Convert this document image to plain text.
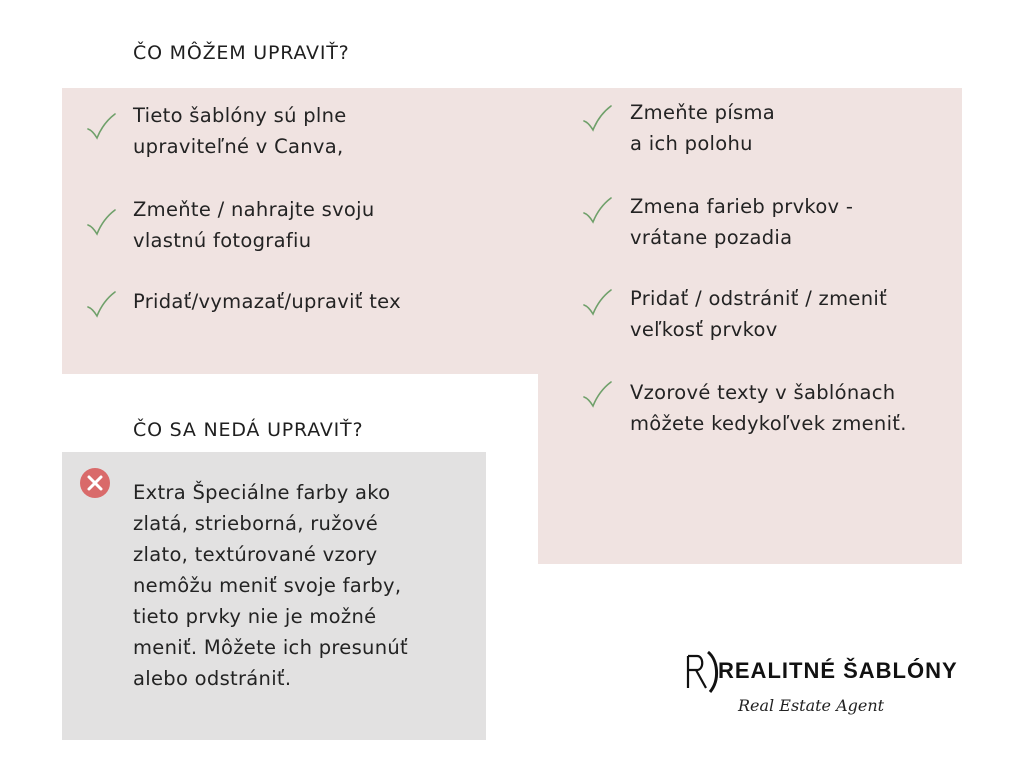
ČO MÔŽEM UPRAVIŤ?
ČO SA NEDÁ UPRAVIŤ?
Tieto šablóny sú plne
upraviteľné v Canva,
Zmeňte / nahrajte svoju
vlastnú fotografiu
Pridať/vymazať/upraviť tex
Zmeňte písma
a ich polohu
Zmena farieb prvkov -
vrátane pozadia
Pridať / odstrániť / zmeniť
veľkosť prvkov
Vzorové texty v šablónach
môžete kedykoľvek zmeniť.
Extra Špeciálne farby ako
zlatá, strieborná, ružové
zlato, textúrované vzory
nemôžu meniť svoje farby,
tieto prvky nie je možné
meniť. Môžete ich presunúť
alebo odstrániť.	REALITNÉ ŠABLÓNY
Real Estate Agent
